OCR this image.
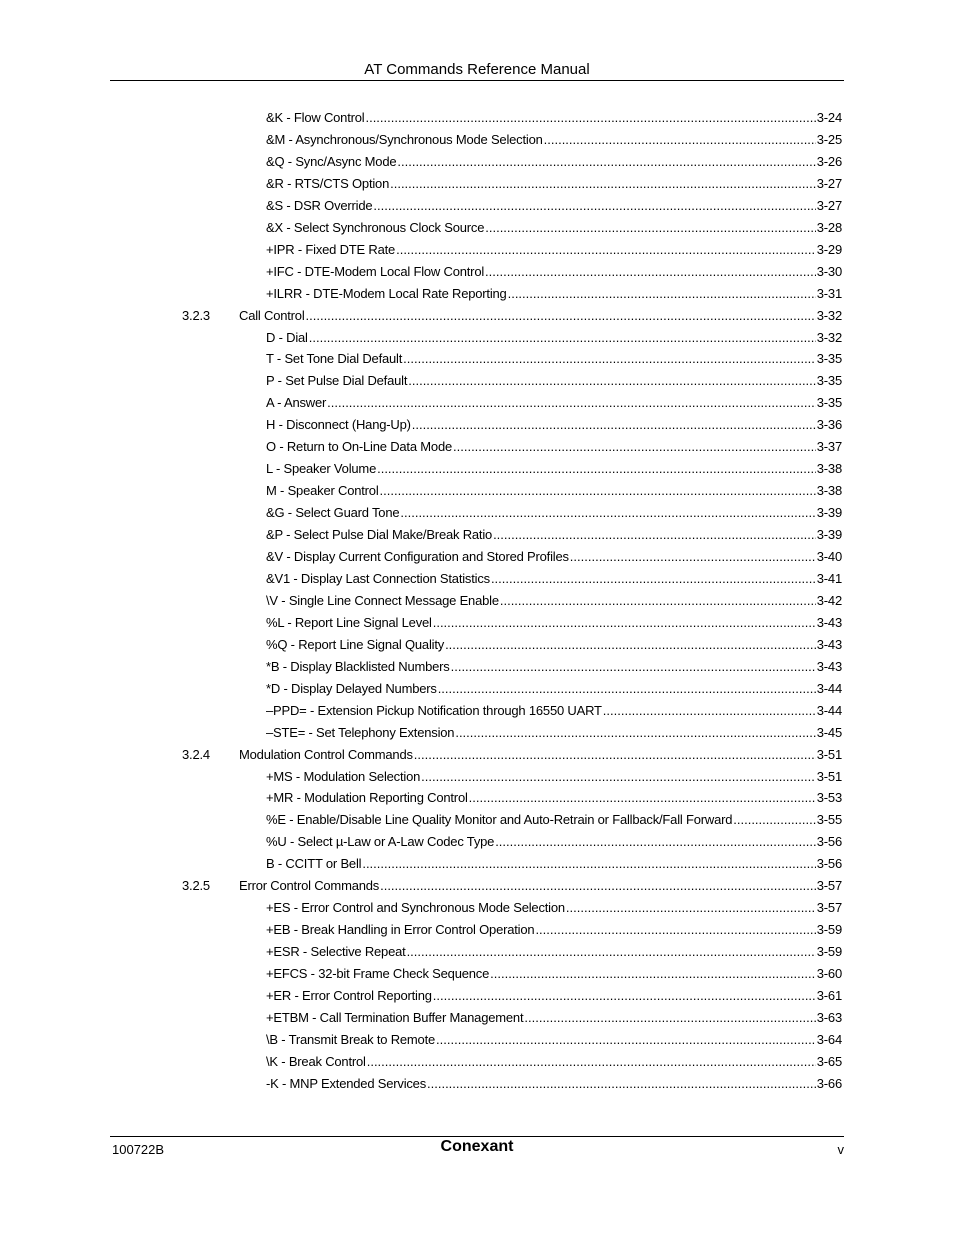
AT Commands Reference Manual
&K - Flow Control .....	3-24
&M - Asynchronous/Synchronous Mode Selection .....	3-25
&Q - Sync/Async Mode .....	3-26
&R - RTS/CTS Option .....	3-27
&S - DSR Override .....	3-27
&X - Select Synchronous Clock Source .....	3-28
+IPR - Fixed DTE Rate .....	3-29
+IFC - DTE-Modem Local Flow Control .....	3-30
+ILRR - DTE-Modem Local Rate Reporting .....	3-31
3.2.3 Call Control .....	3-32
D - Dial .....	3-32
T - Set Tone Dial Default .....	3-35
P - Set Pulse Dial Default .....	3-35
A - Answer .....	3-35
H - Disconnect (Hang-Up) .....	3-36
O - Return to On-Line Data Mode .....	3-37
L - Speaker Volume .....	3-38
M - Speaker Control .....	3-38
&G - Select Guard Tone .....	3-39
&P - Select Pulse Dial Make/Break Ratio .....	3-39
&V - Display Current Configuration and Stored Profiles .....	3-40
&V1 - Display Last Connection Statistics .....	3-41
\V - Single Line Connect Message Enable .....	3-42
%L - Report Line Signal Level .....	3-43
%Q - Report Line Signal Quality .....	3-43
*B - Display Blacklisted Numbers .....	3-43
*D - Display Delayed Numbers .....	3-44
–PPD= - Extension Pickup Notification through 16550 UART .....	3-44
–STE= - Set Telephony Extension .....	3-45
3.2.4 Modulation Control Commands .....	3-51
+MS - Modulation Selection .....	3-51
+MR - Modulation Reporting Control .....	3-53
%E - Enable/Disable Line Quality Monitor and Auto-Retrain or Fallback/Fall Forward .....	3-55
%U - Select µ-Law or A-Law Codec Type .....	3-56
B - CCITT or Bell .....	3-56
3.2.5 Error Control Commands .....	3-57
+ES - Error Control and Synchronous Mode Selection .....	3-57
+EB - Break Handling in Error Control Operation .....	3-59
+ESR - Selective Repeat .....	3-59
+EFCS - 32-bit Frame Check Sequence .....	3-60
+ER - Error Control Reporting .....	3-61
+ETBM - Call Termination Buffer Management .....	3-63
\B - Transmit Break to Remote .....	3-64
\K - Break Control .....	3-65
-K - MNP Extended Services .....	3-66
100722B	Conexant	v
